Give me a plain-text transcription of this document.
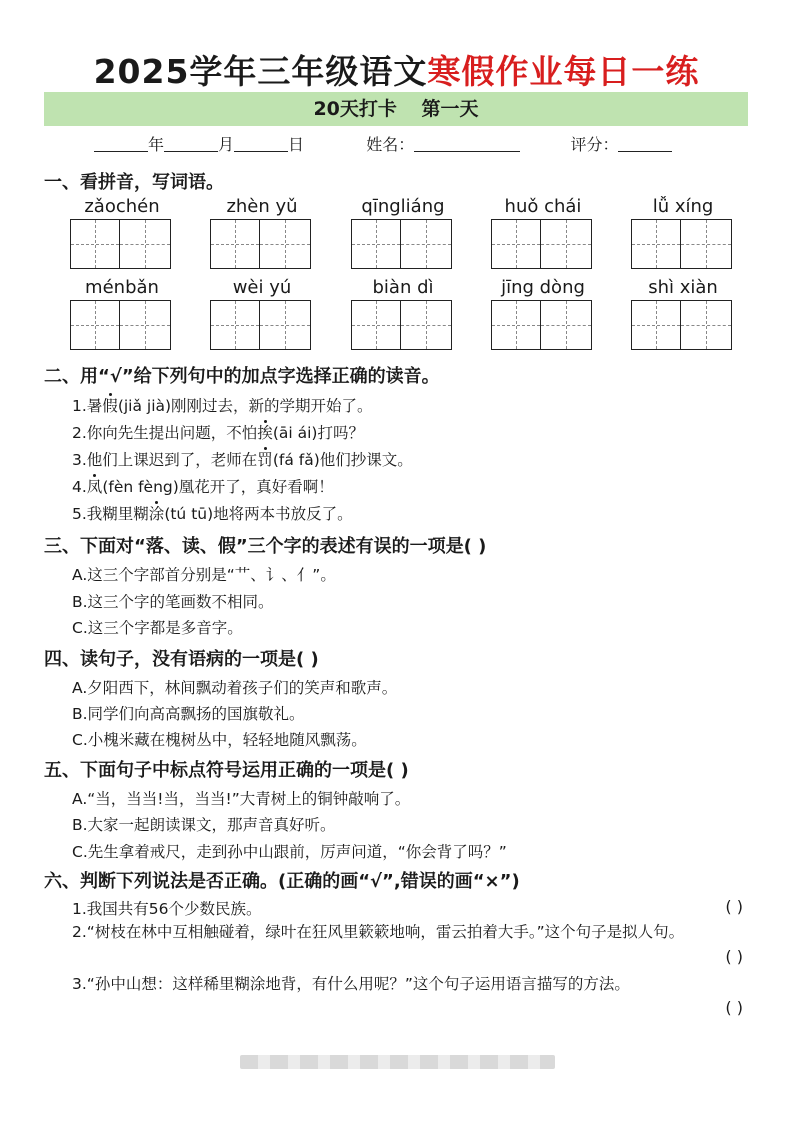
2025学年三年级语文寒假作业每日一练
20天打卡 第一天
年	月	日	姓名：	评分：
一、看拼音，写词语。
zǎochén	zhèn yǔ	qīngliáng	huǒ chái	lǚ xíng
ménbǎn	wèi yú	biàn dì	jīng dòng	shì xiàn
二、用“√”给下列句中的加点字选择正确的读音。
1.暑假(jiǎ jià)刚刚过去，新的学期开始了。
2.你向先生提出问题，不怕挨(āi ái)打吗？
3.他们上课迟到了，老师在罚(fá fǎ)他们抄课文。
4.凤(fèn fèng)凰花开了，真好看啊！
5.我糊里糊涂(tú tū)地将两本书放反了。
三、下面对“落、读、假”三个字的表述有误的一项是( )
A.这三个字部首分别是“艹、讠、亻”。
B.这三个字的笔画数不相同。
C.这三个字都是多音字。
四、读句子，没有语病的一项是( )
A.夕阳西下，林间飘动着孩子们的笑声和歌声。
B.同学们向高高飘扬的国旗敬礼。
C.小槐米藏在槐树丛中，轻轻地随风飘荡。
五、下面句子中标点符号运用正确的一项是( )
A.“当，当当!当，当当!”大青树上的铜钟敲响了。
B.大家一起朗读课文，那声音真好听。
C.先生拿着戒尺，走到孙中山跟前，厉声问道，“你会背了吗？”
六、判断下列说法是否正确。(正确的画“√”,错误的画“×”)
1.我国共有56个少数民族。	( )
2.“树枝在林中互相触碰着，绿叶在狂风里簌簌地响，雷云拍着大手。”这个句子是拟人句。
( )
3.“孙中山想：这样稀里糊涂地背，有什么用呢？”这个句子运用语言描写的方法。
( )
